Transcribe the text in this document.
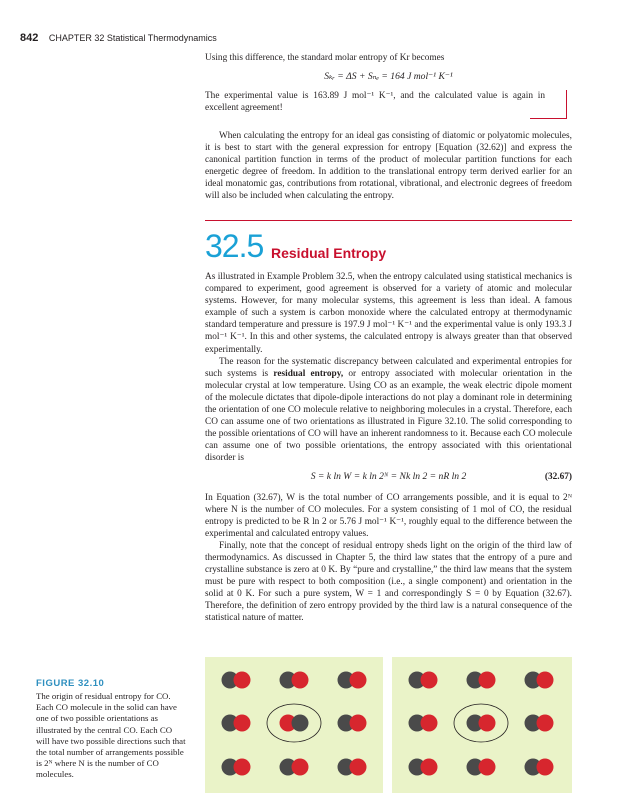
842 CHAPTER 32 Statistical Thermodynamics
Using this difference, the standard molar entropy of Kr becomes
Sₖᵣ = ΔS + Sₙₑ = 164 J mol⁻¹ K⁻¹
The experimental value is 163.89 J mol⁻¹ K⁻¹, and the calculated value is again in excellent agreement!
When calculating the entropy for an ideal gas consisting of diatomic or polyatomic molecules, it is best to start with the general expression for entropy [Equation (32.62)] and express the canonical partition function in terms of the product of molecular partition functions for each energetic degree of freedom. In addition to the translational entropy term derived earlier for an ideal monatomic gas, contributions from rotational, vibrational, and electronic degrees of freedom will also be included when calculating the entropy.
32.5 Residual Entropy

As illustrated in Example Problem 32.5, when the entropy calculated using statistical mechanics is compared to experiment, good agreement is observed for a variety of atomic and molecular systems. However, for many molecular systems, this agreement is less than ideal. A famous example of such a system is carbon monoxide where the calculated entropy at thermodynamic standard temperature and pressure is 197.9 J mol⁻¹ K⁻¹ and the experimental value is only 193.3 J mol⁻¹ K⁻¹. In this and other systems, the calculated entropy is always greater than that observed experimentally.

The reason for the systematic discrepancy between calculated and experimental entropies for such systems is residual entropy, or entropy associated with molecular orientation in the molecular crystal at low temperature. Using CO as an example, the weak electric dipole moment of the molecule dictates that dipole-dipole interactions do not play a dominant role in determining the orientation of one CO molecule relative to neighboring molecules in a crystal. Therefore, each CO can assume one of two orientations as illustrated in Figure 32.10. The solid corresponding to the possible orientations of CO will have an inherent randomness to it. Because each CO molecule can assume one of two possible orientations, the entropy associated with this orientational disorder is

S = k ln W = k ln 2ᴺ = Nk ln 2 = nR ln 2	(32.67)

In Equation (32.67), W is the total number of CO arrangements possible, and it is equal to 2ᴺ where N is the number of CO molecules. For a system consisting of 1 mol of CO, the residual entropy is predicted to be R ln 2 or 5.76 J mol⁻¹ K⁻¹, roughly equal to the difference between the experimental and calculated entropy values.

Finally, note that the concept of residual entropy sheds light on the origin of the third law of thermodynamics. As discussed in Chapter 5, the third law states that the entropy of a pure and crystalline substance is zero at 0 K. By “pure and crystalline,” the third law means that the system must be pure with respect to both composition (i.e., a single component) and orientation in the solid at 0 K. For such a pure system, W = 1 and correspondingly S = 0 by Equation (32.67). Therefore, the definition of zero entropy provided by the third law is a natural consequence of the statistical nature of matter.

FIGURE 32.10
The origin of residual entropy for CO. Each CO molecule in the solid can have one of two possible orientations as illustrated by the central CO. Each CO will have two possible directions such that the total number of arrangements possible is 2ᴺ where N is the number of CO molecules.
